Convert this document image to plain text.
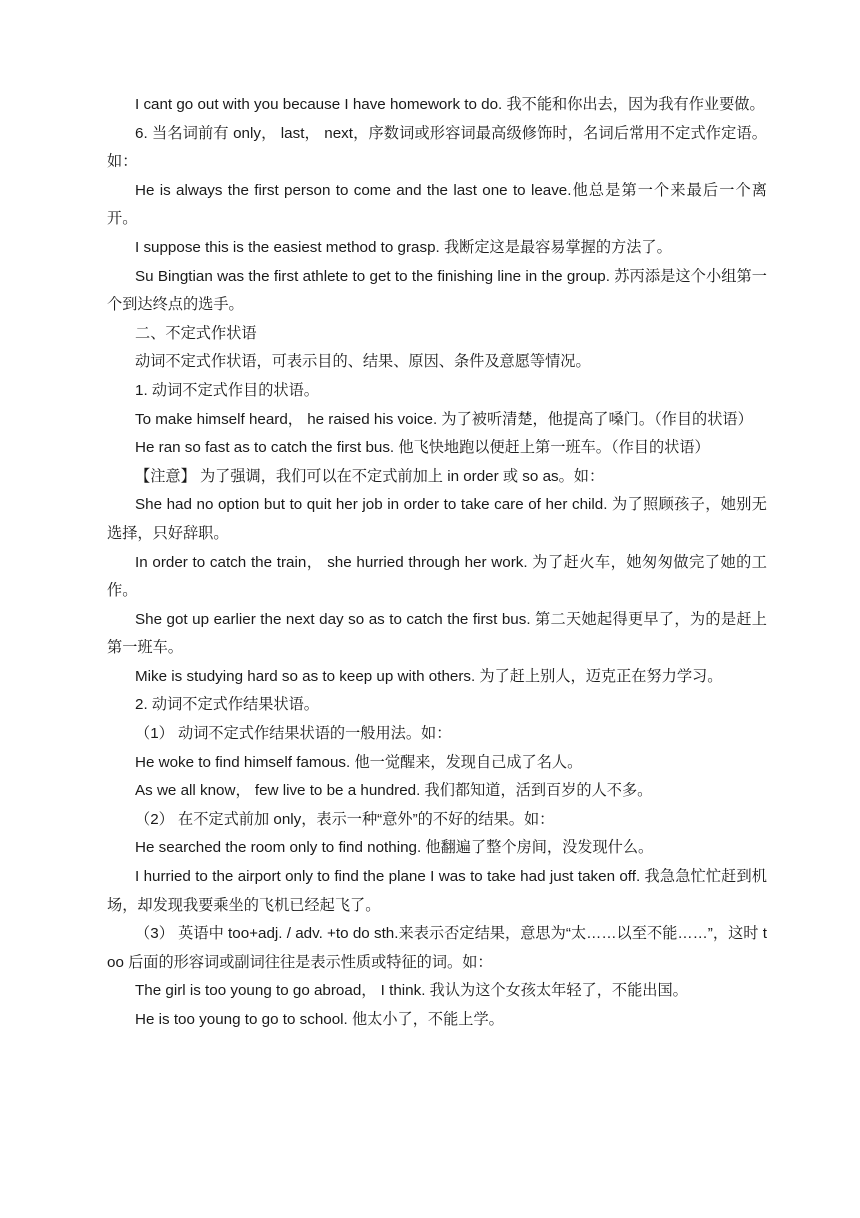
I cant go out with you because I have homework to do. 我不能和你出去，因为我有作业要做。

6. 当名词前有 only， last， next，序数词或形容词最高级修饰时，名词后常用不定式作定语。如：

He is always the first person to come and the last one to leave.他总是第一个来最后一个离开。

I suppose this is the easiest method to grasp. 我断定这是最容易掌握的方法了。

Su Bingtian was the first athlete to get to the finishing line in the group. 苏丙添是这个小组第一个到达终点的选手。

二、不定式作状语

动词不定式作状语，可表示目的、结果、原因、条件及意愿等情况。

1. 动词不定式作目的状语。

To make himself heard， he raised his voice. 为了被听清楚，他提高了嗓门。（作目的状语）

He ran so fast as to catch the first bus. 他飞快地跑以便赶上第一班车。（作目的状语）

【注意】 为了强调，我们可以在不定式前加上 in order 或 so as。如：

She had no option but to quit her job in order to take care of her child. 为了照顾孩子，她别无选择，只好辞职。

In order to catch the train， she hurried through her work. 为了赶火车，她匆匆做完了她的工作。

She got up earlier the next day so as to catch the first bus. 第二天她起得更早了，为的是赶上第一班车。

Mike is studying hard so as to keep up with others. 为了赶上别人，迈克正在努力学习。

2. 动词不定式作结果状语。

（1） 动词不定式作结果状语的一般用法。如：

He woke to find himself famous. 他一觉醒来，发现自己成了名人。

As we all know， few live to be a hundred. 我们都知道，活到百岁的人不多。

（2） 在不定式前加 only，表示一种“意外”的不好的结果。如：

He searched the room only to find nothing. 他翻遍了整个房间，没发现什么。

I hurried to the airport only to find the plane I was to take had just taken off. 我急急忙忙赶到机场，却发现我要乘坐的飞机已经起飞了。

（3） 英语中 too+adj. / adv. +to do sth.来表示否定结果，意思为“太……以至不能……”，这时 too 后面的形容词或副词往往是表示性质或特征的词。如：

The girl is too young to go abroad， I think. 我认为这个女孩太年轻了，不能出国。

He is too young to go to school. 他太小了，不能上学。
